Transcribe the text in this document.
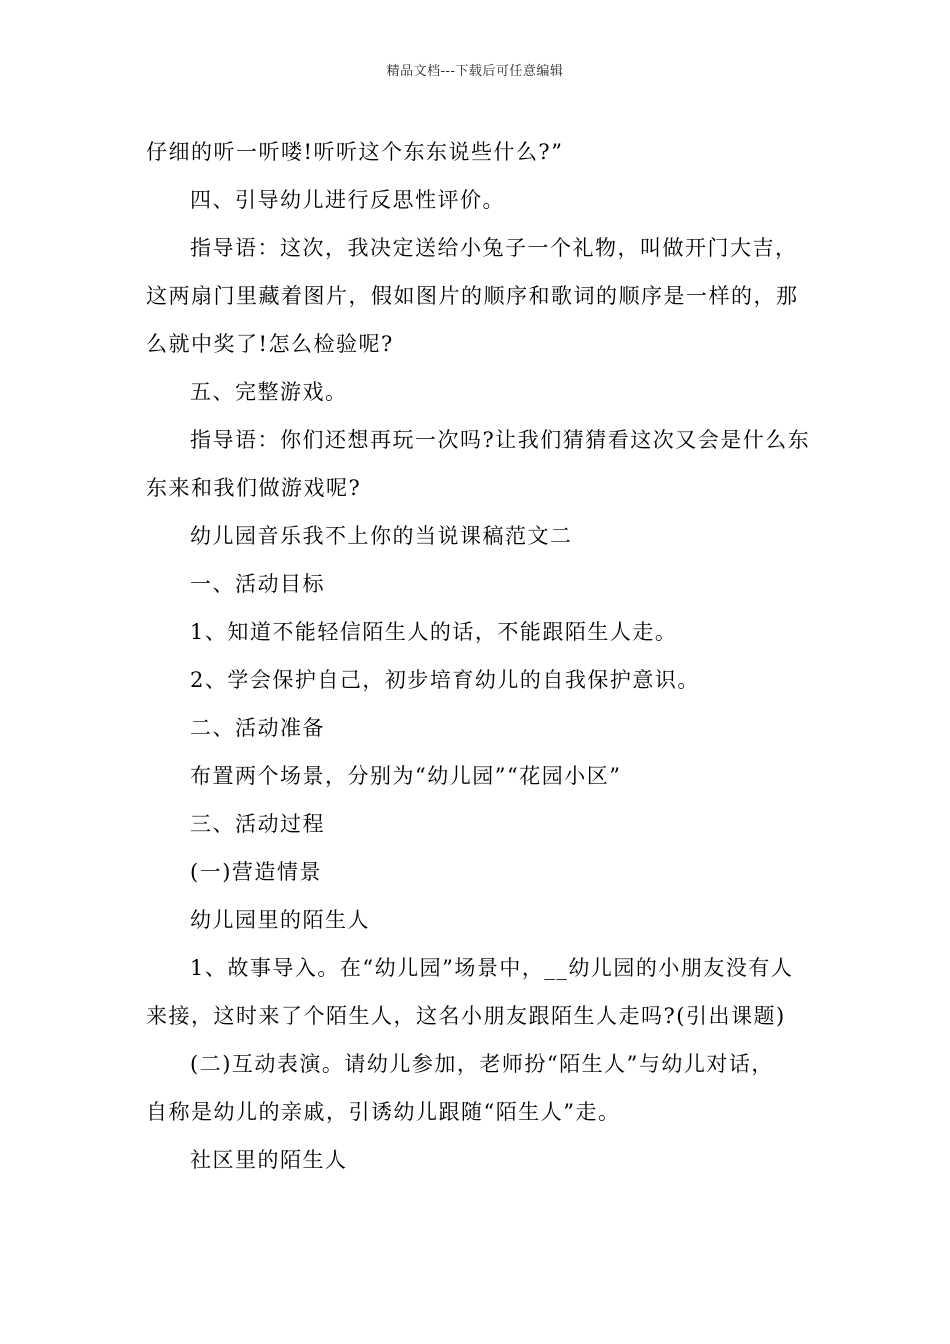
精品文档---下载后可任意编辑

仔细的听一听喽!听听这个东东说些什么?”

四、引导幼儿进行反思性评价。

指导语：这次，我决定送给小兔子一个礼物，叫做开门大吉，

这两扇门里藏着图片，假如图片的顺序和歌词的顺序是一样的，那

么就中奖了!怎么检验呢?

五、完整游戏。

指导语：你们还想再玩一次吗?让我们猜猜看这次又会是什么东

东来和我们做游戏呢?

幼儿园音乐我不上你的当说课稿范文二

一、活动目标

1、知道不能轻信陌生人的话，不能跟陌生人走。

2、学会保护自己，初步培育幼儿的自我保护意识。

二、活动准备

布置两个场景，分别为“幼儿园”“花园小区”

三、活动过程

(一)营造情景

幼儿园里的陌生人

1、故事导入。在“幼儿园”场景中，__幼儿园的小朋友没有人

来接，这时来了个陌生人，这名小朋友跟陌生人走吗?(引出课题)

(二)互动表演。请幼儿参加，老师扮“陌生人”与幼儿对话，

自称是幼儿的亲戚，引诱幼儿跟随“陌生人”走。

社区里的陌生人
